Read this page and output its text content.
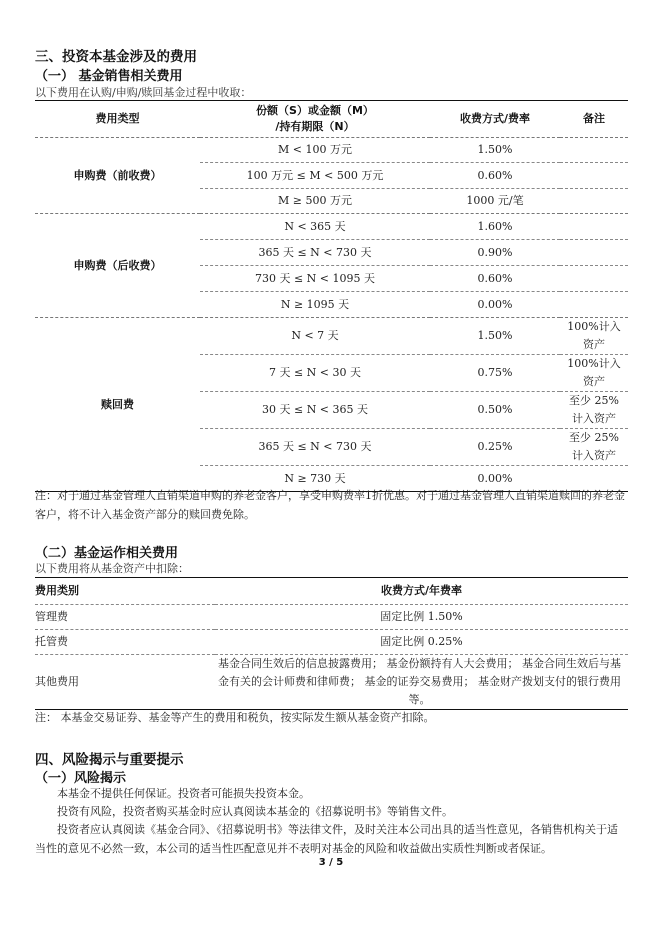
三、投资本基金涉及的费用
（一） 基金销售相关费用
以下费用在认购/申购/赎回基金过程中收取：
费用类型	份额（S）或金额（M）
/持有期限（N）	收费方式/费率	备注
申购费（前收费）	M < 100 万元	1.50%	
	100 万元 ≤ M < 500 万元	0.60%	
	M ≥ 500 万元	1000 元/笔	
申购费（后收费）	N < 365 天	1.60%	
	365 天 ≤ N < 730 天	0.90%	
	730 天 ≤ N < 1095 天	0.60%	
	N ≥ 1095 天	0.00%	
赎回费	N < 7 天	1.50%	100%计入资产
	7 天 ≤ N < 30 天	0.75%	100%计入资产
	30 天 ≤ N < 365 天	0.50%	至少 25%计入资产
	365 天 ≤ N < 730 天	0.25%	至少 25%计入资产
	N ≥ 730 天	0.00%	
注：对于通过基金管理人直销渠道申购的养老金客户，享受申购费率1折优惠。对于通过基金管理人直销渠道赎回的养老金客户，将不计入基金资产部分的赎回费免除。
（二）基金运作相关费用
以下费用将从基金资产中扣除：
费用类别	收费方式/年费率
管理费	固定比例 1.50%
托管费	固定比例 0.25%
其他费用	基金合同生效后的信息披露费用； 基金份额持有人大会费用； 基金合同生效后与基金有关的会计师费和律师费； 基金的证券交易费用； 基金财产拨划支付的银行费用等。
注： 本基金交易证券、基金等产生的费用和税负，按实际发生额从基金资产扣除。
四、风险揭示与重要提示
（一）风险揭示
本基金不提供任何保证。投资者可能损失投资本金。
投资有风险，投资者购买基金时应认真阅读本基金的《招募说明书》等销售文件。
投资者应认真阅读《基金合同》、《招募说明书》等法律文件，及时关注本公司出具的适当性意见，各销售机构关于适当性的意见不必然一致，本公司的适当性匹配意见并不表明对基金的风险和收益做出实质性判断或者保证。
3 / 5
